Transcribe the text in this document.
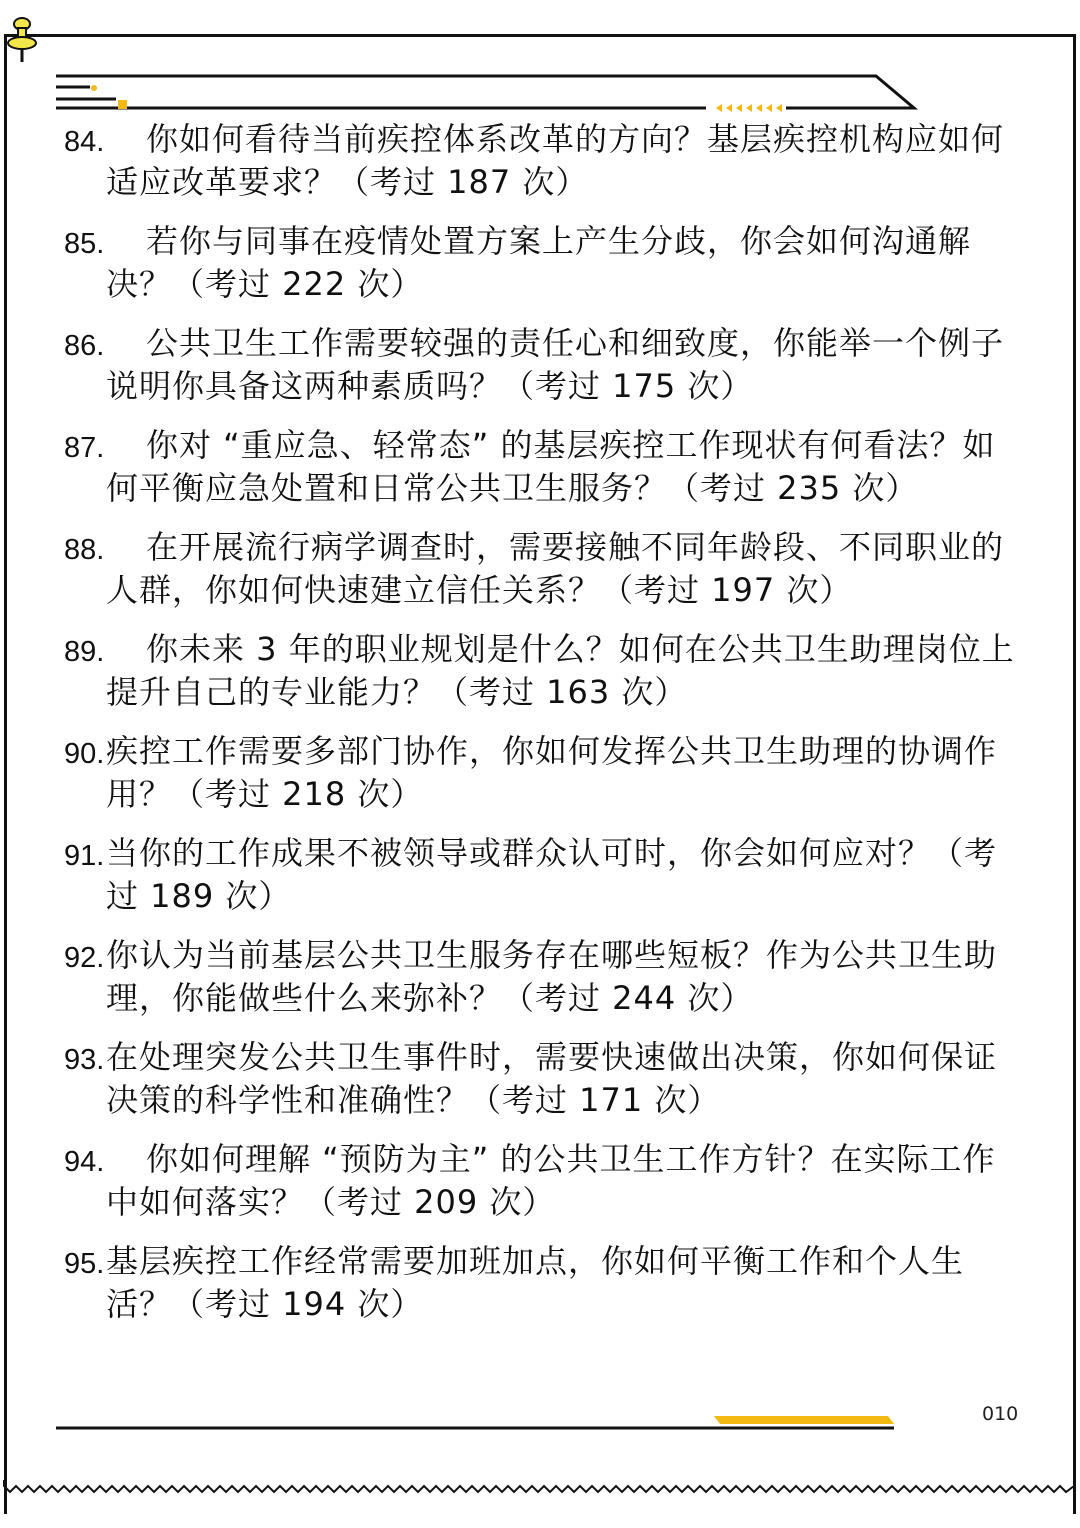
84.	你如何看待当前疾控体系改革的方向？基层疾控机构应如何适应改革要求？（考过 187 次）
85.	若你与同事在疫情处置方案上产生分歧，你会如何沟通解决？（考过 222 次）
86.	公共卫生工作需要较强的责任心和细致度，你能举一个例子说明你具备这两种素质吗？（考过 175 次）
87.	你对 “重应急、轻常态” 的基层疾控工作现状有何看法？如何平衡应急处置和日常公共卫生服务？（考过 235 次）
88.	在开展流行病学调查时，需要接触不同年龄段、不同职业的人群，你如何快速建立信任关系？（考过 197 次）
89.	你未来 3 年的职业规划是什么？如何在公共卫生助理岗位上提升自己的专业能力？（考过 163 次）
90. 疾控工作需要多部门协作，你如何发挥公共卫生助理的协调作用？（考过 218 次）
91. 当你的工作成果不被领导或群众认可时，你会如何应对？（考过 189 次）
92. 你认为当前基层公共卫生服务存在哪些短板？作为公共卫生助理，你能做些什么来弥补？（考过 244 次）
93. 在处理突发公共卫生事件时，需要快速做出决策，你如何保证决策的科学性和准确性？（考过 171 次）
94.	你如何理解 “预防为主” 的公共卫生工作方针？在实际工作中如何落实？（考过 209 次）
95. 基层疾控工作经常需要加班加点，你如何平衡工作和个人生活？（考过 194 次）
010
